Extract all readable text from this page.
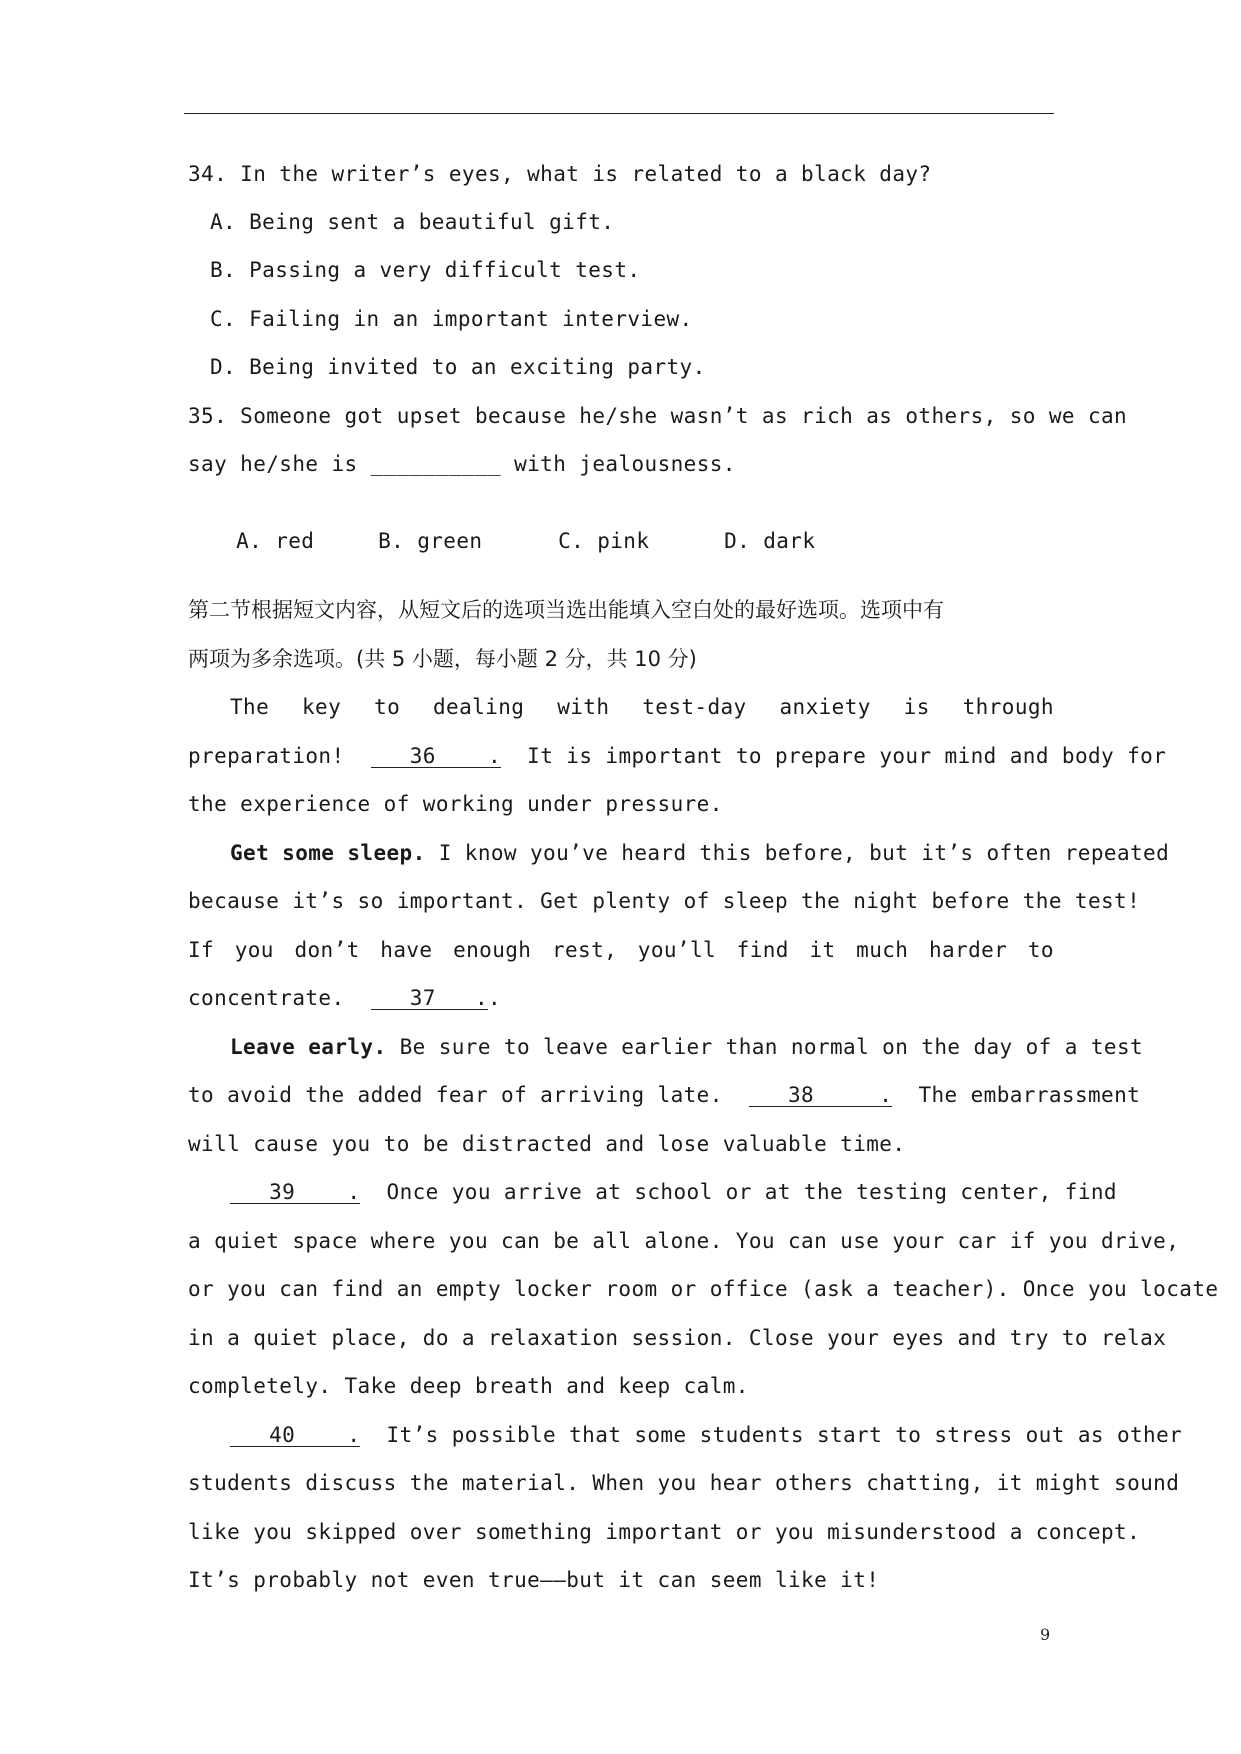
34. In the writer’s eyes, what is related to a black day?
A. Being sent a beautiful gift.
B. Passing a very difficult test.
C. Failing in an important interview.
D. Being invited to an exciting party.
35. Someone got upset because he/she wasn’t as rich as others, so we can
say he/she is __________ with jealousness.

A. red	B. green	C. pink	D. dark

第二节根据短文内容，从短文后的选项当选出能填入空白处的最好选项。选项中有
两项为多余选项。(共 5 小题，每小题 2 分，共 10 分)
The key to dealing with test-day anxiety is through
preparation!     36    . It is important to prepare your mind and body for
the experience of working under pressure.
Get some sleep. I know you’ve heard this before, but it’s often repeated
because it’s so important. Get plenty of sleep the night before the test!
If you don’t have enough rest, you’ll find it much harder to
concentrate.     37   ..
Leave early. Be sure to leave earlier than normal on the day of a test
to avoid the added fear of arriving late.     38     . The embarrassment
will cause you to be distracted and lose valuable time.
39    . Once you arrive at school or at the testing center, find
a quiet space where you can be all alone. You can use your car if you drive,
or you can find an empty locker room or office (ask a teacher). Once you locate
in a quiet place, do a relaxation session. Close your eyes and try to relax
completely. Take deep breath and keep calm.
40    . It’s possible that some students start to stress out as other
students discuss the material. When you hear others chatting, it might sound
like you skipped over something important or you misunderstood a concept.
It’s probably not even true——but it can seem like it!
9
